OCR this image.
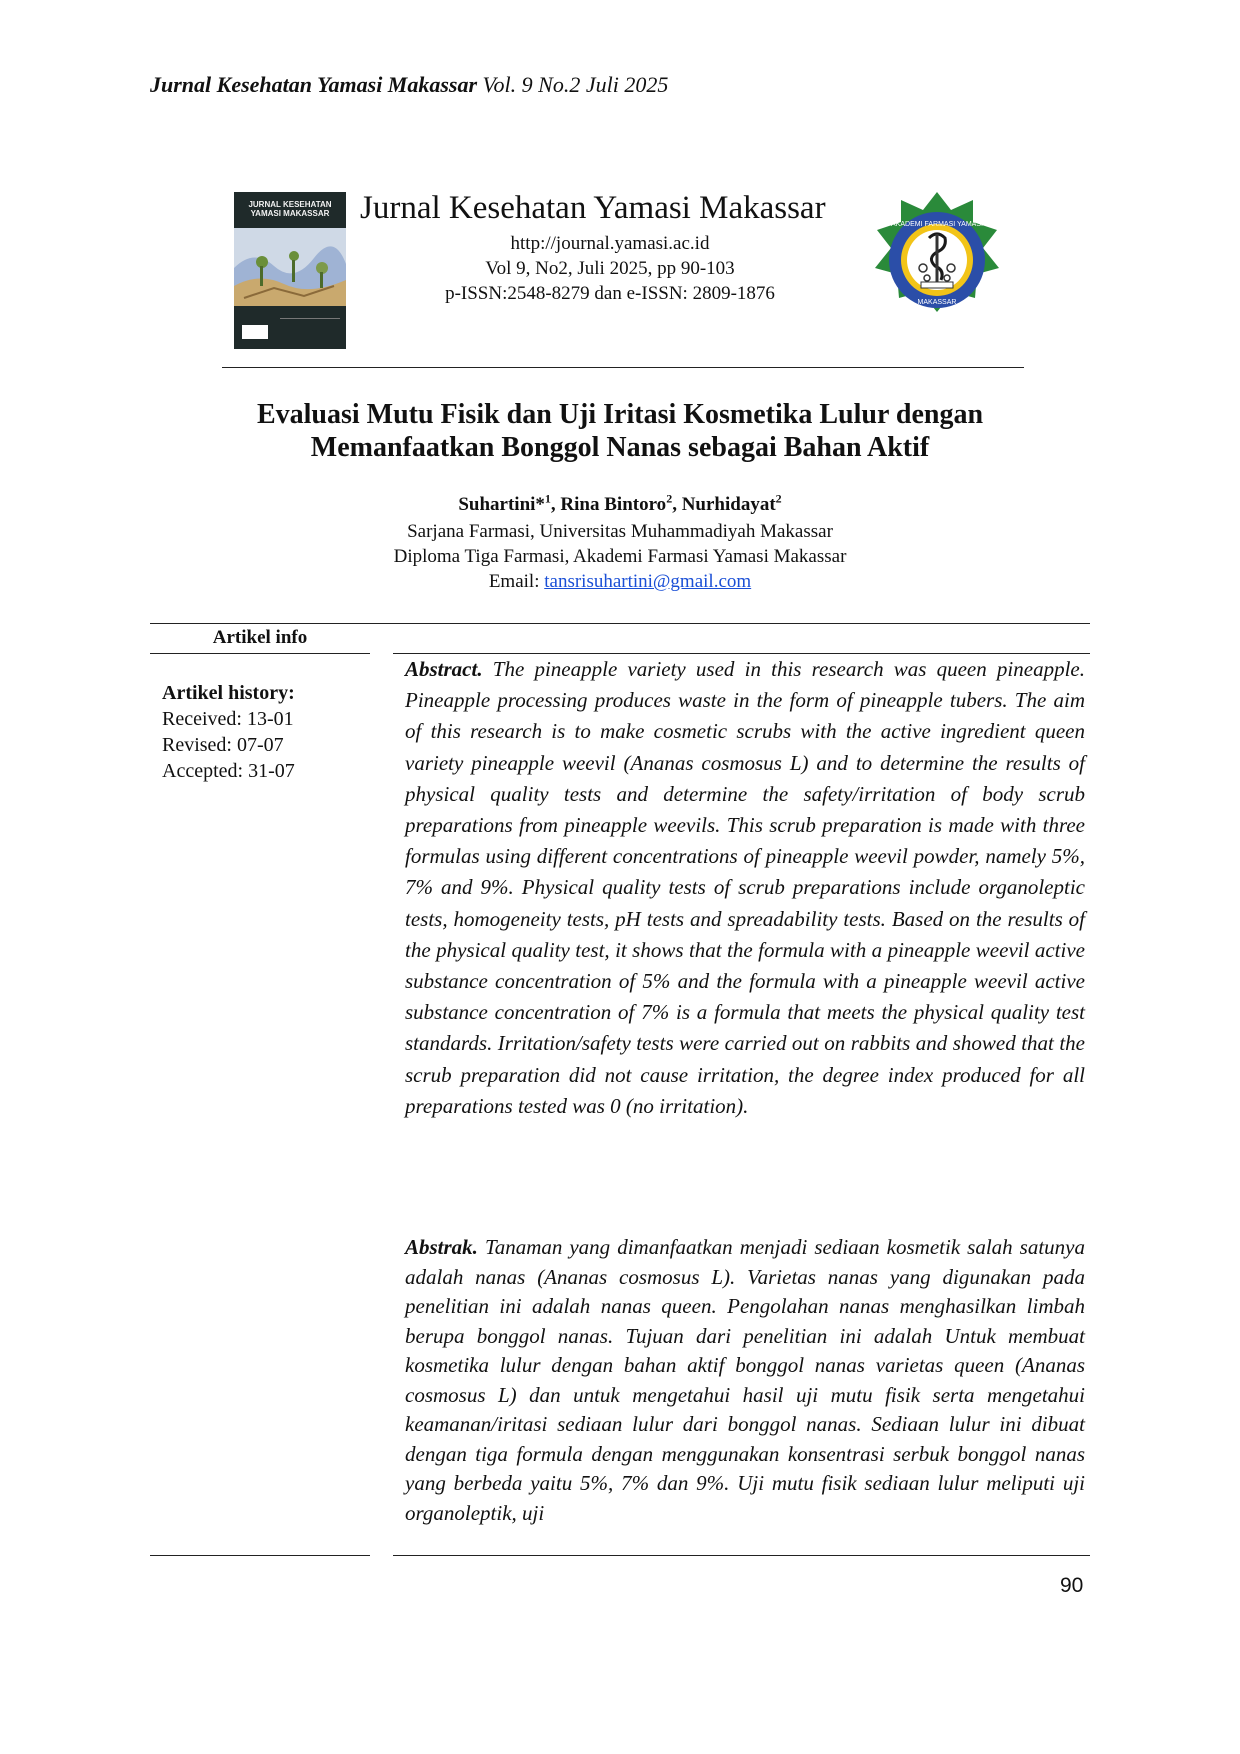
Jurnal Kesehatan Yamasi Makassar Vol. 9 No.2 Juli 2025
JURNAL KESEHATAN
YAMASI MAKASSAR Jurnal Kesehatan Yamasi Makassar
http://journal.yamasi.ac.id
Vol 9, No2, Juli 2025, pp 90-103
p-ISSN:2548-8279 dan e-ISSN: 2809-1876
AKADEMI FARMASI YAMASI
MAKASSAR
Evaluasi Mutu Fisik dan Uji Iritasi Kosmetika Lulur dengan
Memanfaatkan Bonggol Nanas sebagai Bahan Aktif
Suhartini*$^1$, Rina Bintoro$^2$, Nurhidayat$^2$
Sarjana Farmasi, Universitas Muhammadiyah Makassar
Diploma Tiga Farmasi, Akademi Farmasi Yamasi Makassar
Email: tansrisuhartini@gmail.com
Artikel info
Artikel history:
Received: 13-01
Revised: 07-07
Accepted: 31-07
Abstract. The pineapple variety used in this research was queen pineapple. Pineapple processing produces waste in the form of pineapple tubers. The aim of this research is to make cosmetic scrubs with the active ingredient queen variety pineapple weevil (Ananas cosmosus L) and to determine the results of physical quality tests and determine the safety/irritation of body scrub preparations from pineapple weevils. This scrub preparation is made with three formulas using different concentrations of pineapple weevil powder, namely 5%, 7% and 9%. Physical quality tests of scrub preparations include organoleptic tests, homogeneity tests, pH tests and spreadability tests. Based on the results of the physical quality test, it shows that the formula with a pineapple weevil active substance concentration of 5% and the formula with a pineapple weevil active substance concentration of 7% is a formula that meets the physical quality test standards. Irritation/safety tests were carried out on rabbits and showed that the scrub preparation did not cause irritation, the degree index produced for all preparations tested was 0 (no irritation).
Abstrak. Tanaman yang dimanfaatkan menjadi sediaan kosmetik salah satunya adalah nanas (Ananas cosmosus L). Varietas nanas yang digunakan pada penelitian ini adalah nanas queen. Pengolahan nanas menghasilkan limbah berupa bonggol nanas. Tujuan dari penelitian ini adalah Untuk membuat kosmetika lulur dengan bahan aktif bonggol nanas varietas queen (Ananas cosmosus L) dan untuk mengetahui hasil uji mutu fisik serta mengetahui keamanan/iritasi sediaan lulur dari bonggol nanas. Sediaan lulur ini dibuat dengan tiga formula dengan menggunakan konsentrasi serbuk bonggol nanas yang berbeda yaitu 5%, 7% dan 9%. Uji mutu fisik sediaan lulur meliputi uji organoleptik, uji
90
